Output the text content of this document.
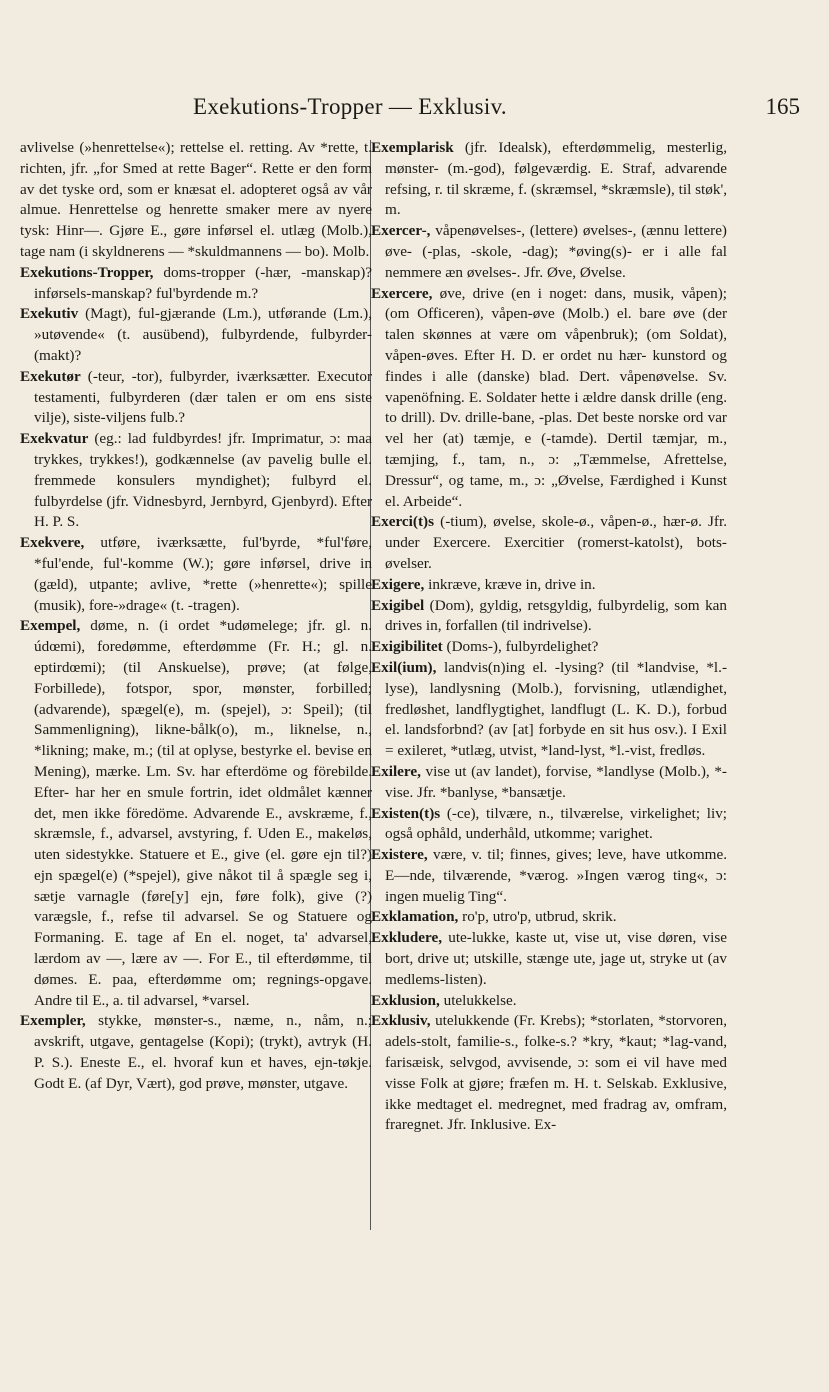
Exekutions-Tropper — Exklusiv.	165

avlivelse (»henrettelse«); rettelse el. retting. Av *rette, t. richten, jfr. „for Smed at rette Bager“. Rette er den form av det tyske ord, som er knæsat el. adopteret også av vår almue. Henrettelse og henrette smaker mere av nyere tysk: Hinr—. Gjøre E., gøre inførsel el. utlæg (Molb.), tage nam (i skyldnerens — *skuldmannens — bo). Molb.

Exekutions-Tropper, doms-tropper (-hær, -manskap)? inførsels-manskap? ful'byrdende m.?

Exekutiv (Magt), ful-gjærande (Lm.), utførande (Lm.), »utøvende« (t. ausübend), fulbyrdende, fulbyrder-(makt)?

Exekutør (-teur, -tor), fulbyrder, iværksætter. Executor testamenti, fulbyrderen (dær talen er om ens siste vilje), siste-viljens fulb.?

Exekvatur (eg.: lad fuldbyrdes! jfr. Imprimatur, ɔ: maa trykkes, trykkes!), godkænnelse (av pavelig bulle el. fremmede konsulers myndighet); fulbyrd el. fulbyrdelse (jfr. Vidnesbyrd, Jernbyrd, Gjenbyrd). Efter H. P. S.

Exekvere, utføre, iværksætte, ful'byrde, *ful'føre, *ful'ende, ful'-komme (W.); gøre inførsel, drive in (gæld), utpante; avlive, *rette (»henrette«); spille (musik), fore-»drage« (t. -tragen).

Exempel, døme, n. (i ordet *udømelege; jfr. gl. n. údœmi), foredømme, efterdømme (Fr. H.; gl. n. eptirdœmi); (til Anskuelse), prøve; (at følge, Forbillede), fotspor, spor, mønster, forbilled; (advarende), spægel(e), m. (spejel), ɔ: Speil); (til Sammenligning), likne-bålk(o), m., liknelse, n., *likning; make, m.; (til at oplyse, bestyrke el. bevise en Mening), mærke. Lm. Sv. har efterdöme og förebilde. Efter- har her en smule fortrin, idet oldmålet kænner det, men ikke föredöme. Advarende E., avskræme, f., skræmsle, f., advarsel, avstyring, f. Uden E., makeløs, uten sidestykke. Statuere et E., give (el. gøre ejn til?) ejn spægel(e) (*spejel), give nåkot til å spægle seg i, sætje varnagle (føre[y] ejn, føre folk), give (?) varægsle, f., refse til advarsel. Se og Statuere og Formaning. E. tage af En el. noget, ta' advarsel, lærdom av —, lære av —. For E., til efterdømme, til dømes. E. paa, efterdømme om; regnings-opgave. Andre til E., a. til advarsel, *varsel.

Exempler, stykke, mønster-s., næme, n., nåm, n.; avskrift, utgave, gentagelse (Kopi); (trykt), avtryk (H. P. S.). Eneste E., el. hvoraf kun et haves, ejn-tøkje. Godt E. (af Dyr, Vært), god prøve, mønster, utgave.

Exemplarisk (jfr. Idealsk), efterdømmelig, mesterlig, mønster- (m.-god), følgeværdig. E. Straf, advarende refsing, r. til skræme, f. (skræmsel, *skræmsle), til støk', m.

Exercer-, våpenøvelses-, (lettere) øvelses-, (ænnu lettere) øve- (-plas, -skole, -dag); *øving(s)- er i alle fal nemmere æn øvelses-. Jfr. Øve, Øvelse.

Exercere, øve, drive (en i noget: dans, musik, våpen); (om Officeren), våpen-øve (Molb.) el. bare øve (der talen skønnes at være om våpenbruk); (om Soldat), våpen-øves. Efter H. D. er ordet nu hær- kunstord og findes i alle (danske) blad. Dert. våpenøvelse. Sv. vapenöfning. E. Soldater hette i ældre dansk drille (eng. to drill). Dv. drille-bane, -plas. Det beste norske ord var vel her (at) tæmje, e (-tamde). Dertil tæmjar, m., tæmjing, f., tam, n., ɔ: „Tæmmelse, Afrettelse, Dressur“, og tame, m., ɔ: „Øvelse, Færdighed i Kunst el. Arbeide“.

Exerci(t)s (-tium), øvelse, skole-ø., våpen-ø., hær-ø. Jfr. under Exercere. Exercitier (romerst-katolst), bots-øvelser.

Exigere, inkræve, kræve in, drive in.

Exigibel (Dom), gyldig, retsgyldig, fulbyrdelig, som kan drives in, forfallen (til indrivelse).

Exigibilitet (Doms-), fulbyrdelighet?

Exil(ium), landvis(n)ing el. -lysing? (til *landvise, *l.-lyse), landlysning (Molb.), forvisning, utlændighet, fredløshet, landflygtighet, landflugt (L. K. D.), forbud el. landsforbnd? (av [at] forbyde en sit hus osv.). I Exil = exileret, *utlæg, utvist, *land-lyst, *l.-vist, fredløs.

Exilere, vise ut (av landet), forvise, *landlyse (Molb.), *-vise. Jfr. *banlyse, *bansætje.

Existen(t)s (-ce), tilvære, n., tilværelse, virkelighet; liv; også ophåld, underhåld, utkomme; varighet.

Existere, være, v. til; finnes, gives; leve, have utkomme. E—nde, tilværende, *værog. »Ingen værog ting«, ɔ: ingen muelig Ting“.

Exklamation, ro'p, utro'p, utbrud, skrik.

Exkludere, ute-lukke, kaste ut, vise ut, vise døren, vise bort, drive ut; utskille, stænge ute, jage ut, stryke ut (av medlems-listen).

Exklusion, utelukkelse.

Exklusiv, utelukkende (Fr. Krebs); *storlaten, *storvoren, adels-stolt, familie-s., folke-s.? *kry, *kaut; *lag-vand, farisæisk, selvgod, avvisende, ɔ: som ei vil have med visse Folk at gjøre; fræfen m. H. t. Selskab. Exklusive, ikke medtaget el. medregnet, med fradrag av, omfram, fraregnet. Jfr. Inklusive. Ex-
